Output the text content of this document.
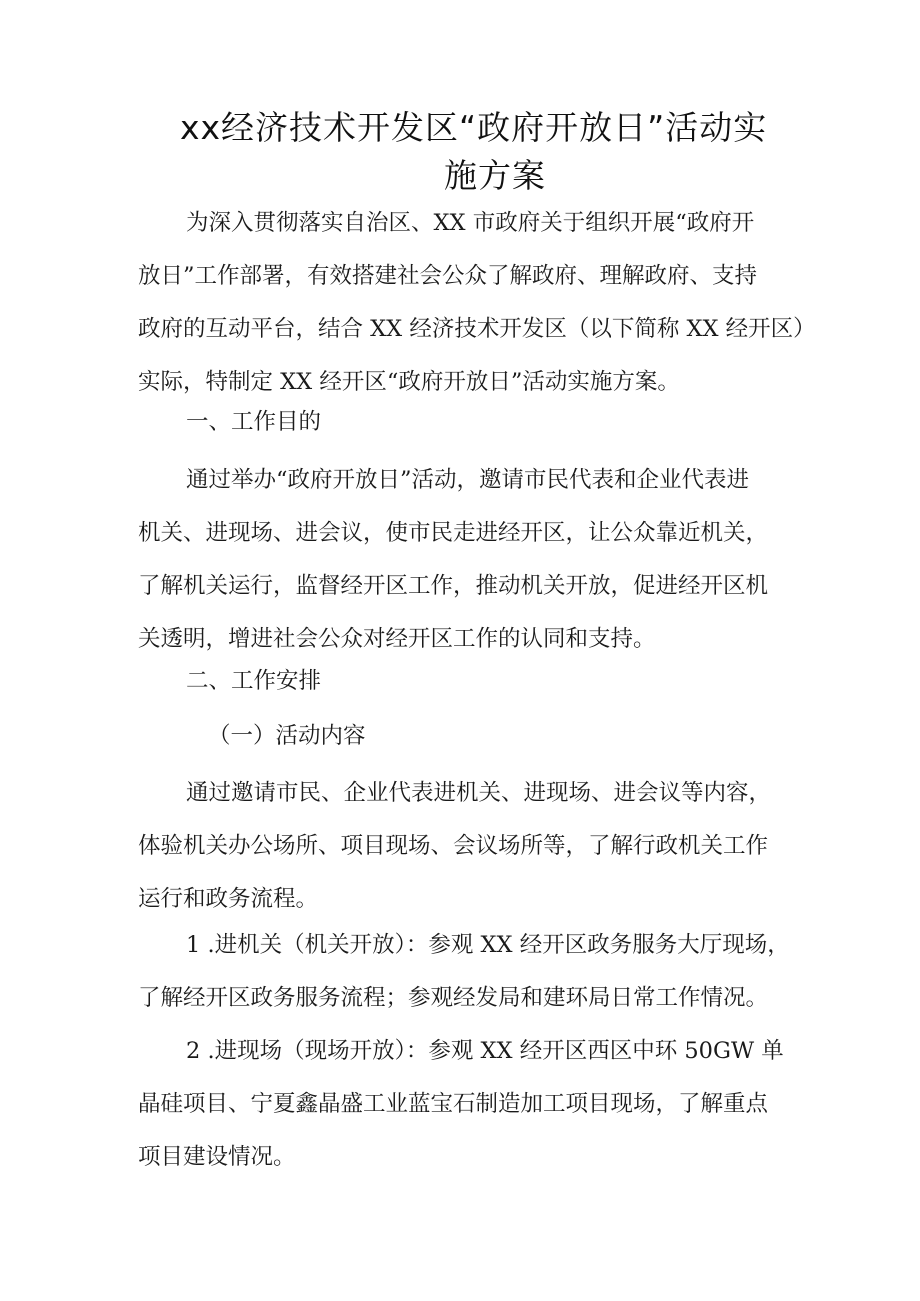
xx经济技术开发区“政府开放日”活动实
施方案

为深入贯彻落实自治区、XX 市政府关于组织开展“政府开
放日”工作部署，有效搭建社会公众了解政府、理解政府、支持
政府的互动平台，结合 XX 经济技术开发区（以下简称 XX 经开区）
实际，特制定 XX 经开区“政府开放日”活动实施方案。

一、工作目的

通过举办“政府开放日”活动，邀请市民代表和企业代表进
机关、进现场、进会议，使市民走进经开区，让公众靠近机关，
了解机关运行，监督经开区工作，推动机关开放，促进经开区机
关透明，增进社会公众对经开区工作的认同和支持。

二、工作安排

（一）活动内容

通过邀请市民、企业代表进机关、进现场、进会议等内容，
体验机关办公场所、项目现场、会议场所等，了解行政机关工作
运行和政务流程。

1 .进机关（机关开放）：参观 XX 经开区政务服务大厅现场，
了解经开区政务服务流程；参观经发局和建环局日常工作情况。

2 .进现场（现场开放）：参观 XX 经开区西区中环 50GW 单
晶硅项目、宁夏鑫晶盛工业蓝宝石制造加工项目现场，了解重点
项目建设情况。
